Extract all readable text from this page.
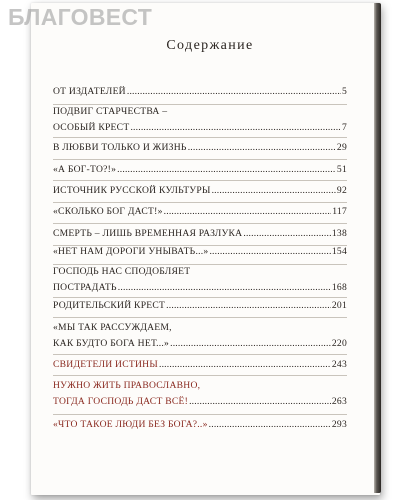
БЛАГОВЕСТ
Содержание
ОТ ИЗДАТЕЛЕЙ .....	5
ПОДВИГ СТАРЧЕСТВА –
ОСОБЫЙ КРЕСТ .....	7
В ЛЮБВИ ТОЛЬКО И ЖИЗНЬ .....	29
«А БОГ-ТО?!» .....	51
ИСТОЧНИК РУССКОЙ КУЛЬТУРЫ .....	92
«СКОЛЬКО БОГ ДАСТ!» .....	117
СМЕРТЬ – ЛИШЬ ВРЕМЕННАЯ РАЗЛУКА .....	138
«НЕТ НАМ ДОРОГИ УНЫВАТЬ...» .....	154
ГОСПОДЬ НАС СПОДОБЛЯЕТ
ПОСТРАДАТЬ .....	168
РОДИТЕЛЬСКИЙ КРЕСТ .....	201
«МЫ ТАК РАССУЖДАЕМ,
КАК БУДТО БОГА НЕТ...» .....	220
СВИДЕТЕЛИ ИСТИНЫ .....	243
НУЖНО ЖИТЬ ПРАВОСЛАВНО,
ТОГДА ГОСПОДЬ ДАСТ ВСЁ! .....	263
«ЧТО ТАКОЕ ЛЮДИ БЕЗ БОГА?..» .....	293
